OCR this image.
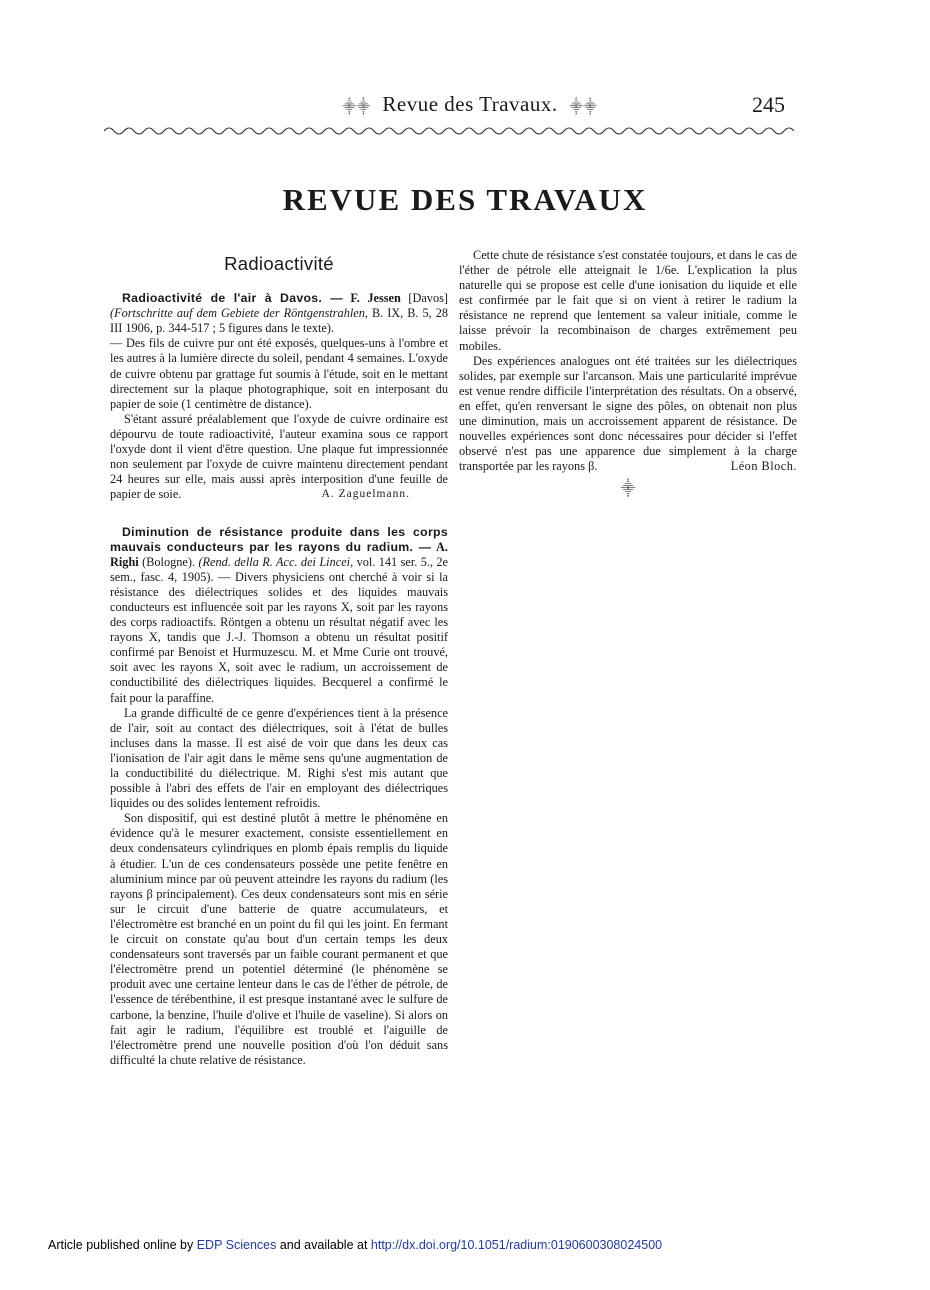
⸎⸎ Revue des Travaux. ⸎⸎	245
REVUE DES TRAVAUX
Radioactivité

Radioactivité de l'air à Davos. — F. Jessen [Davos] (Fortschritte auf dem Gebiete der Röntgenstrahlen, B. IX, B. 5, 28 III 1906, p. 344-517 ; 5 figures dans le texte).

— Des fils de cuivre pur ont été exposés, quelques-uns à l'ombre et les autres à la lumière directe du soleil, pendant 4 semaines. L'oxyde de cuivre obtenu par grattage fut soumis à l'étude, soit en le mettant directement sur la plaque photographique, soit en interposant du papier de soie (1 centimètre de distance).

S'étant assuré préalablement que l'oxyde de cuivre ordinaire est dépourvu de toute radioactivité, l'auteur examina sous ce rapport l'oxyde dont il vient d'être question. Une plaque fut impressionnée non seulement par l'oxyde de cuivre maintenu directement pendant 24 heures sur elle, mais aussi après interposition d'une feuille de papier de soie.	A. Zaguelmann.

Diminution de résistance produite dans les corps mauvais conducteurs par les rayons du radium. — A. Righi (Bologne). (Rend. della R. Acc. dei Lincei, vol. 141 ser. 5., 2e sem., fasc. 4, 1905). — Divers physiciens ont cherché à voir si la résistance des diélectriques solides et des liquides mauvais conducteurs est influencée soit par les rayons X, soit par les rayons des corps radioactifs. Röntgen a obtenu un résultat négatif avec les rayons X, tandis que J.-J. Thomson a obtenu un résultat positif confirmé par Benoist et Hurmuzescu. M. et Mme Curie ont trouvé, soit avec les rayons X, soit avec le radium, un accroissement de conductibilité des diélectriques liquides. Becquerel a confirmé le fait pour la paraffine.

La grande difficulté de ce genre d'expériences tient à la présence de l'air, soit au contact des diélectriques, soit à l'état de bulles incluses dans la masse. Il est aisé de voir que dans les deux cas l'ionisation de l'air agit dans le même sens qu'une augmentation de la conductibilité du diélectrique. M. Righi s'est mis autant que possible à l'abri des effets de l'air en employant des diélectriques liquides ou des solides lentement refroidis.

Son dispositif, qui est destiné plutôt à mettre le phénomène en évidence qu'à le mesurer exactement, consiste essentiellement en deux condensateurs cylindriques en plomb épais remplis du liquide à étudier. L'un de ces condensateurs possède une petite fenêtre en aluminium mince par où peuvent atteindre les rayons du radium (les rayons β principalement). Ces deux condensateurs sont mis en série sur le circuit d'une batterie de quatre accumulateurs, et l'électromètre est branché en un point du fil qui les joint. En fermant le circuit on constate qu'au bout d'un certain temps les deux condensateurs sont traversés par un faible courant permanent et que l'électromètre prend un potentiel déterminé (le phénomène se produit avec une certaine lenteur dans le cas de l'éther de pétrole, de l'essence de térébenthine, il est presque instantané avec le sulfure de carbone, la benzine, l'huile d'olive et l'huile de vaseline). Si alors on fait agir le radium, l'équilibre est troublé et l'aiguille de l'électromètre prend une nouvelle position d'où l'on déduit sans difficulté la chute relative de résistance.

Cette chute de résistance s'est constatée toujours, et dans le cas de l'éther de pétrole elle atteignait le 1/6e. L'explication la plus naturelle qui se propose est celle d'une ionisation du liquide et elle est confirmée par le fait que si on vient à retirer le radium la résistance ne reprend que lentement sa valeur initiale, comme le laisse prévoir la recombinaison de charges extrêmement peu mobiles.

Des expériences analogues ont été traitées sur les diélectriques solides, par exemple sur l'arcanson. Mais une particularité imprévue est venue rendre difficile l'interprétation des résultats. On a observé, en effet, qu'en renversant le signe des pôles, on obtenait non plus une diminution, mais un accroissement apparent de résistance. De nouvelles expériences sont donc nécessaires pour décider si l'effet observé n'est pas une apparence due simplement à la charge transportée par les rayons β.	Léon Bloch.

⸎
Article published online by EDP Sciences and available at http://dx.doi.org/10.1051/radium:0190600308024500
